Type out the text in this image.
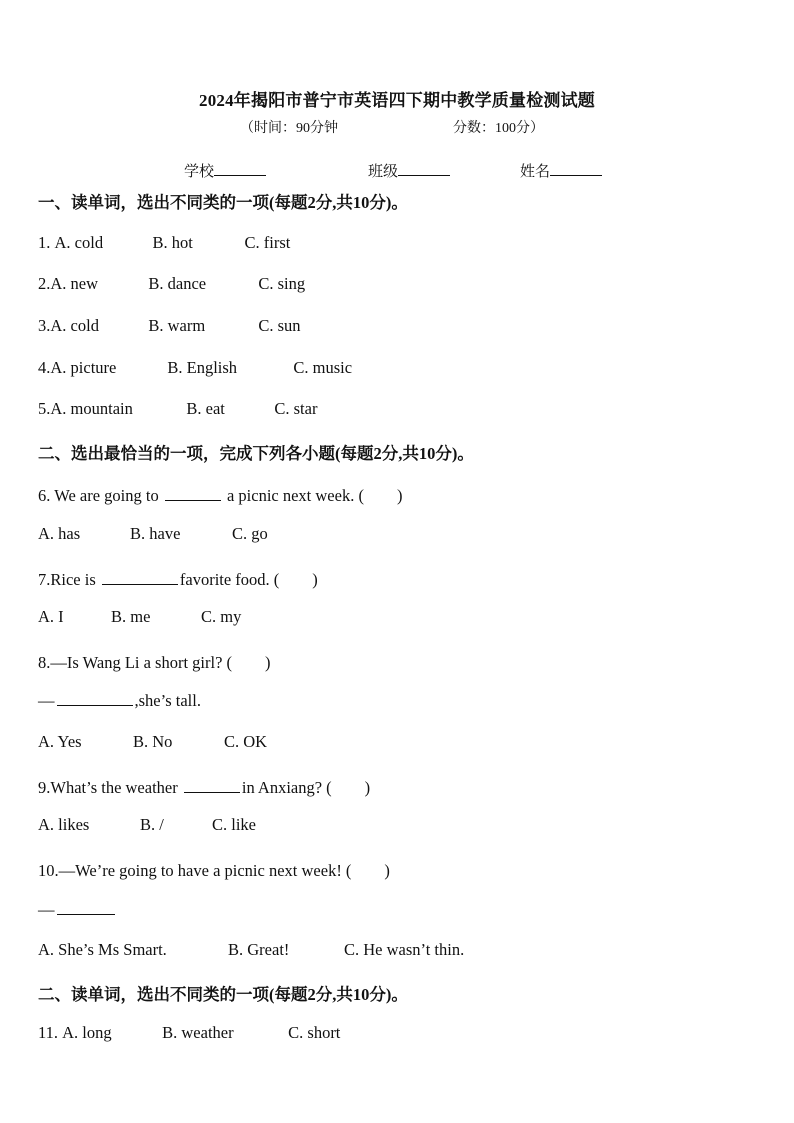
2024年揭阳市普宁市英语四下期中教学质量检测试题
（时间：90分钟	分数：100分）
学校	班级	姓名
一、读单词，选出不同类的一项(每题2分,共10分)。
1. A. cold	B. hot	C. first
2.A. new	B. dance	C. sing
3.A. cold	B. warm	C. sun
4.A. picture	B. English	C. music
5.A. mountain	B. eat	C. star
二、选出最恰当的一项，完成下列各小题(每题2分,共10分)。
6. We are going to	a picnic next week. (　　)
A. has	B. have	C. go
7.Rice is	favorite food. (　　)
A. I	B. me	C. my
8.—Is Wang Li a short girl? (　　)
—	,she’s tall.
A. Yes	B. No	C. OK
9.What’s the weather	in Anxiang? (　　)
A. likes	B. /	C. like
10.—We’re going to have a picnic next week! (　　)
—
A. She’s Ms Smart.	B. Great!	C. He wasn’t thin.
二、读单词，选出不同类的一项(每题2分,共10分)。
11. A. long	B. weather	C. short
